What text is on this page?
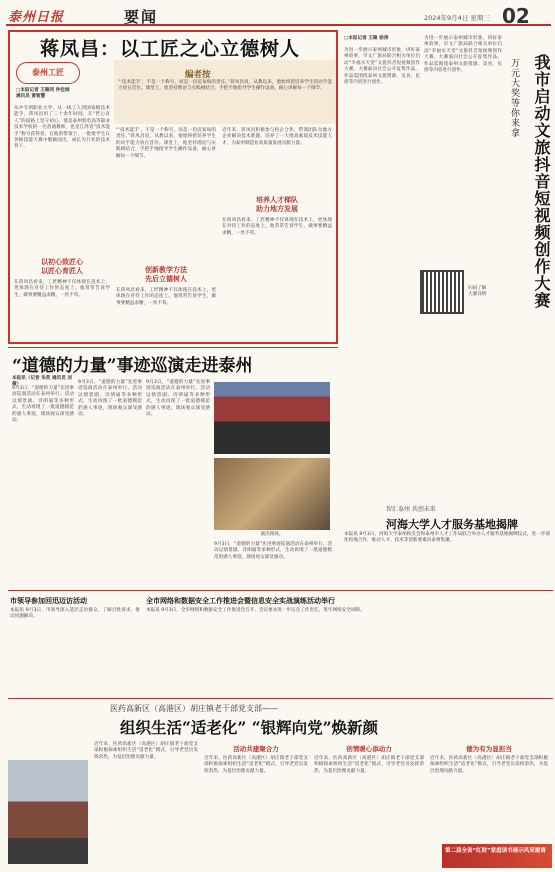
泰州日报	要闻	2024年9月4日 星期三 02
蒋凤昌：以工匠之心立德树人
泰州工匠
□本报记者 王聚同 仲佳城
通讯员 黄智慧
编者按
“‘技术能手’，不是一个称号，而是一份沉甸甸的责任。”蒋凤昌说，从教以来，他始终把培养学生的动手能力放在首位。课堂上，他坚持理论与实践相结合，手把手地指导学生操作设备，耐心讲解每一个细节。
从中专到职业大学，从一线工人到国家级技术能手，蒋凤昌用了三十余年时间，在“匠心育人”的道路上坚守初心。他是泰州机电高等职业技术学校的一名普通教师，也是江苏省“技术能手”称号获得者。在他的带领下，一批批学生在各级技能大赛中脱颖而出，成长为行业的技术骨干。
以初心致匠心
以匠心育匠人
在蒋凤昌看来，工匠精神不仅体现在技术上，更体现在对待工作的态度上。他常常告诉学生，做事要精益求精，一丝不苟。
“‘技术能手’，不是一个称号，而是一份沉甸甸的责任。”蒋凤昌说，从教以来，他始终把培养学生的动手能力放在首位。课堂上，他坚持理论与实践相结合，手把手地指导学生操作设备，耐心讲解每一个细节。
创新教学方法
先后立德树人
在蒋凤昌看来，工匠精神不仅体现在技术上，更体现在对待工作的态度上。他常常告诉学生，做事要精益求精，一丝不苟。
近年来，蒋凤昌积极参与校企合作，带领团队为地方企业解决技术难题，培养了一大批高素质技术技能人才，为泰州制造业高质量发展贡献力量。
培养人才梯队
助力地方发展
在蒋凤昌看来，工匠精神不仅体现在技术上，更体现在对待工作的态度上。他常常告诉学生，做事要精益求精，一丝不苟。	我市启动文旅抖音短视频创作大赛
万元大奖等你来拿
□本报记者 王聚 徐涛
为进一步展示泰州城市形象，讲好泰州故事，市文广旅局联合相关单位启动“幸福水天堂”文旅抖音短视频创作大赛。大赛面向社会公开征集作品，作品需围绕泰州文旅资源、美食、民俗等内容进行创作。
为进一步展示泰州城市形象，讲好泰州故事，市文广旅局联合相关单位启动“幸福水天堂”文旅抖音短视频创作大赛。大赛面向社会公开征集作品，作品需围绕泰州文旅资源、美食、民俗等内容进行创作。
扫码了解
大赛详情
“道德的力量”事迹巡演走进泰州
本报讯（记者 朱奕 通讯员 刘倩）
9月3日，“道德的力量”先进事迹巡演活动在泰州举行。活动以情景剧、诗朗诵等多种形式，生动再现了一批道德模范的感人事迹，现场观众深受感动。
9月3日，“道德的力量”先进事迹巡演活动在泰州举行。活动以情景剧、诗朗诵等多种形式，生动再现了一批道德模范的感人事迹，现场观众深受感动。
9月3日，“道德的力量”先进事迹巡演活动在泰州举行。活动以情景剧、诗朗诵等多种形式，生动再现了一批道德模范的感人事迹，现场观众深受感动。
演出现场。
9月3日，“道德的力量”先进事迹巡演活动在泰州举行。活动以情景剧、诗朗诵等多种形式，生动再现了一批道德模范的感人事迹，现场观众深受感动。
智汇泰州 共创未来
河海大学人才服务基地揭牌
本报讯 9月3日，河海大学泰州校友会和泰州市人才工作局联合举办人才服务基地揭牌仪式，进一步深化校地合作，推动人才、技术等创新要素向泰州集聚。
市领导参加回迅迈访活动
本报讯 9月3日，市领导深入基层走访群众，了解百姓诉求，推动问题解决。
全市网络和数据安全工作推进会暨信息安全实战演练活动举行
本报讯 9月3日，全市网络和数据安全工作推进会召开，会议要求进一步压实工作责任，筑牢网络安全屏障。
医药高新区（高港区）胡庄镇老干部党支部——
组织生活“适老化” “银辉向党”焕新颜
近年来，医药高新区（高港区）胡庄镇老干部党支部积极探索组织生活“适老化”模式，引导老党员发挥余热，为基层治理贡献力量。
活动共建聚合力
近年来，医药高新区（高港区）胡庄镇老干部党支部积极探索组织生活“适老化”模式，引导老党员发挥余热，为基层治理贡献力量。
创情暖心添动力
近年来，医药高新区（高港区）胡庄镇老干部党支部积极探索组织生活“适老化”模式，引导老党员发挥余热，为基层治理贡献力量。
德为有为显担当
近年来，医药高新区（高港区）胡庄镇老干部党支部积极探索组织生活“适老化”模式，引导老党员发挥余热，为基层治理贡献力量。
第二届全省“红财”家庭读书展示风采邀请
